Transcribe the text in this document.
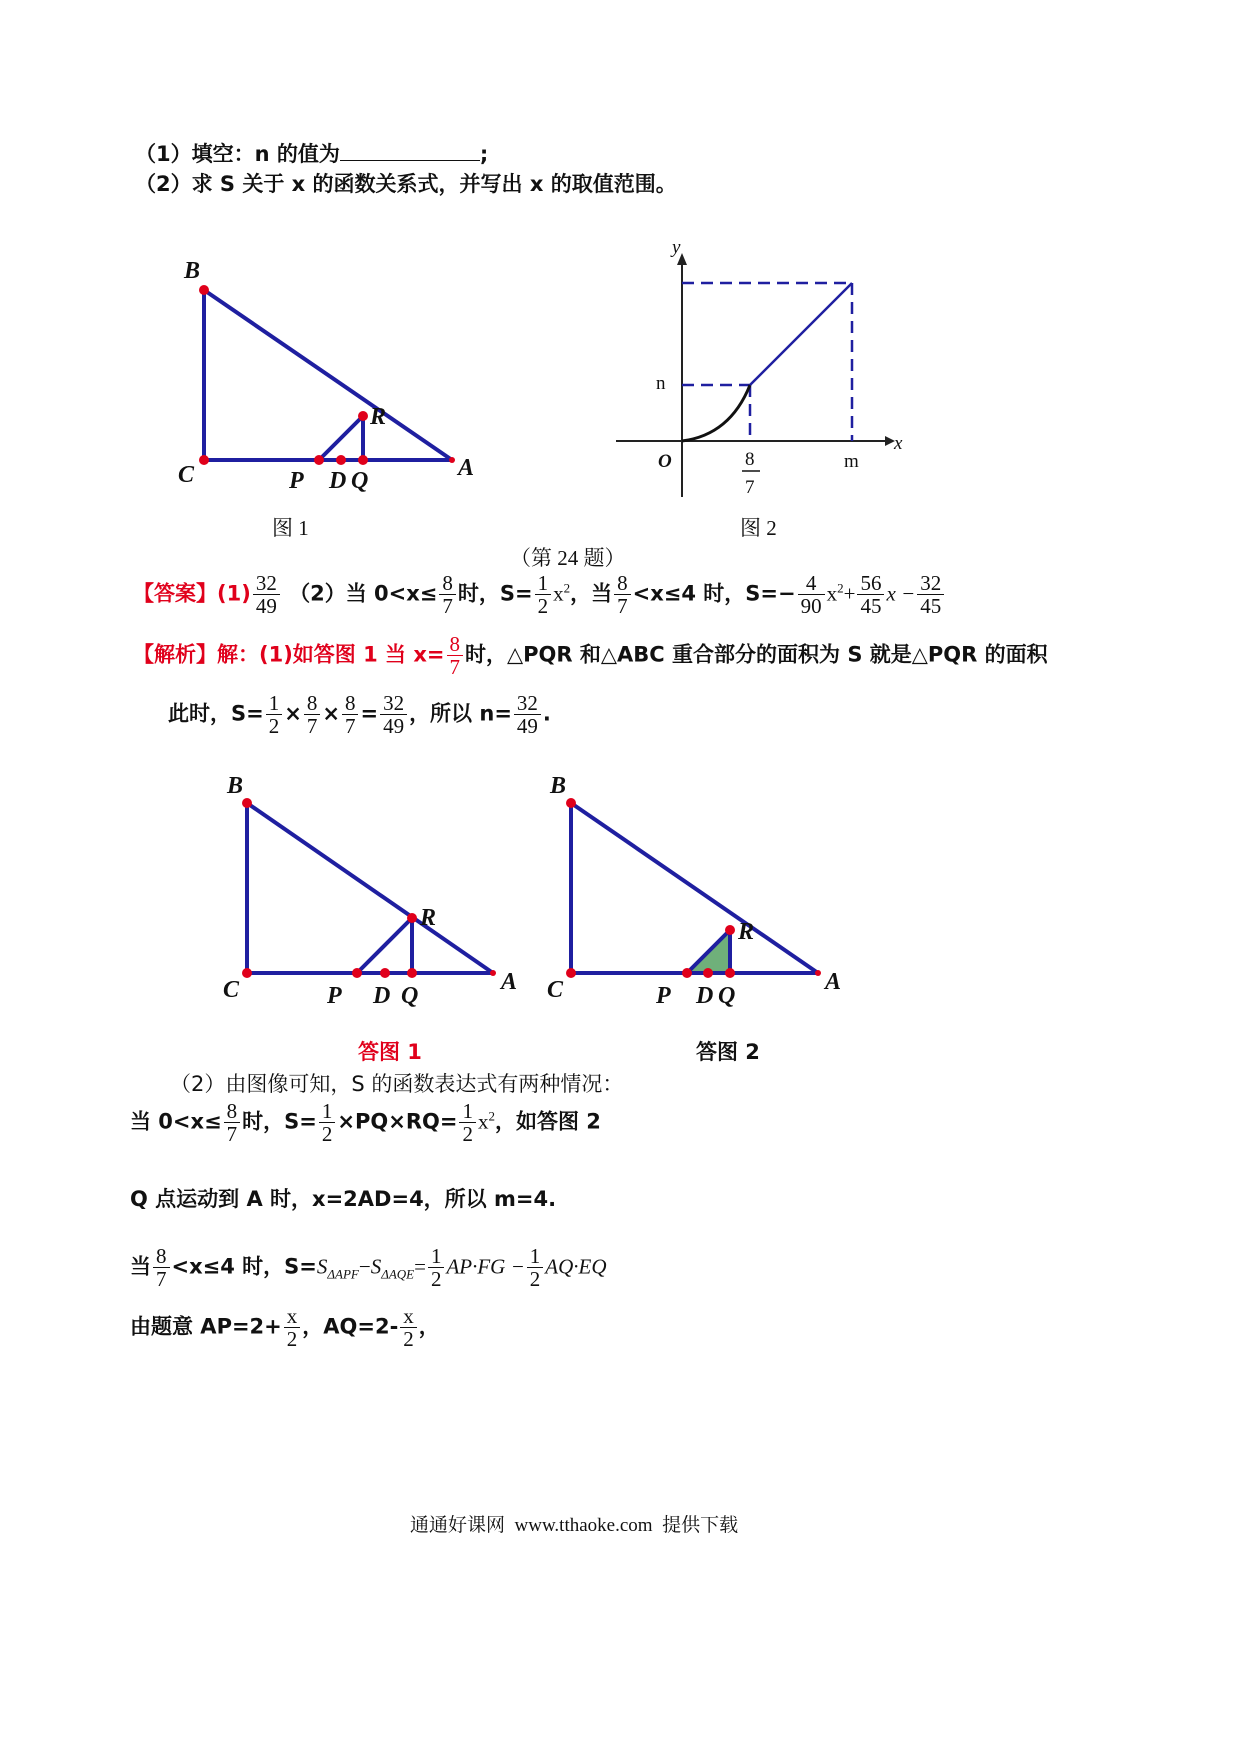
（1）填空：n 的值为	;
（2）求 S 关于 x 的函数关系式，并写出 x 的取值范围。
B
C	P D Q
R
A
图 1
y
x
O
n
m
8
7
图 2
（第 24 题）
【答案】$(1) \frac{32}{49} (2)$当 $0<x\le \frac{8}{7}$ 时，$S= \frac{1}{2} x^2$，当 $\frac{8}{7} <x\le 4$ 时，$S=- \frac{4}{90} x^2+ \frac{56}{45}$ $x - \frac{32}{45}$
【解析】解：(1)如答图 1 当 $x= \frac{8}{7}$ 时，△PQR 和△ABC 重合部分的面积为 S 就是△PQR 的面积
此时，$S= \frac{1}{2} \times \frac{8}{7} \times \frac{8}{7} = \frac{32}{49}$ ，所以 $n= \frac{32}{49}$ .
B
C	P D Q
R
A
答图 1
B
C	P D Q
R
A
答图 2
（2）由图像可知，S 的函数表达式有两种情况：
当 $0<x\le \frac{8}{7}$ 时，$S= \frac{1}{2} \times PQ\times RQ= \frac{1}{2} x^2$，如答图 2
Q 点运动到 A 时，x=2AD=4，所以 m=4.
当 $\frac{8}{7} <x\le 4$ 时，$S=S_{\Delta APF}-S_{\Delta AQE}= \frac{1}{2} AP\cdot FG - \frac{1}{2} AQ\cdot EQ$
由题意 $AP=2+ \frac{x}{2}$ ，$AQ=2- \frac{x}{2}$ ，
通通好课网  www.tthaoke.com  提供下载
